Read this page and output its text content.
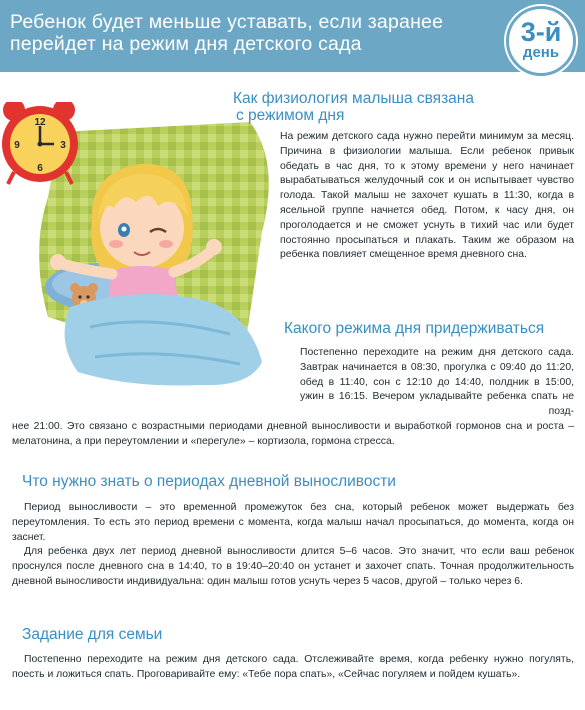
Ребенок будет меньше уставать, если заранее перейдет на режим дня детского сада	3-й
день
12
3
6
9
Как физиология малыша связана
с режимом дня
На режим детского сада нужно перейти минимум за месяц. Причина в физиологии малыша. Если ребенок привык обедать в час дня, то к этому времени у него начинает вырабатываться желудочный сок и он испытывает чувство голода. Такой малыш не захочет кушать в 11:30, когда в ясельной группе начнется обед. Потом, к часу дня, он проголодается и не сможет уснуть в тихий час или будет постоянно просыпаться и плакать. Таким же образом на ребенка повлияет смещенное время дневного сна.
Какого режима дня придерживаться
Постепенно переходите на режим дня детского сада. Завтрак начинается в 08:30, прогулка с 09:40 до 11:20, обед в 11:40, сон с 12:10 до 14:40, полдник в 15:00, ужин в 16:15. Вечером укладывайте ребенка спать не позд-
нее 21:00. Это связано с возрастными периодами дневной выносливости и выработкой гормонов сна и роста – мелатонина, а при переутомлении и «перегуле» – кортизола, гормона стресса.
Что нужно знать о периодах дневной выносливости

Период выносливости – это временной промежуток без сна, который ребенок может выдержать без переутомления. То есть это период времени с момента, когда малыш начал просыпаться, до момента, когда он заснет.

Для ребенка двух лет период дневной выносливости длится 5–6 часов. Это значит, что если ваш ребенок проснулся после дневного сна в 14:40, то в 19:40–20:40 он устанет и захочет спать. Точная продолжительность дневной выносливости индивидуальна: один малыш готов уснуть через 5 часов, другой – только через 6.

Задание для семьи
Постепенно переходите на режим дня детского сада. Отслеживайте время, когда ребенку нужно погулять, поесть и ложиться спать. Проговаривайте ему: «Тебе пора спать», «Сейчас погуляем и пойдем кушать».
